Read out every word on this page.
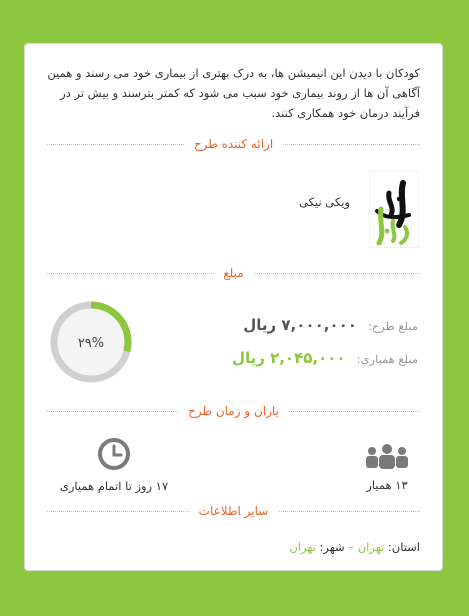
کودکان با دیدن این انیمیشن ها، به درک بهتری از بیماری خود می رسند و همین آگاهی آن ها از روند بیماری خود سبب می شود که کمتر بترسند و بیش تر در فرآیند درمان خود همکاری کنند.
ارائه کننده طرح
ویکی نیکی
مبلغ
۲۹%
مبلغ طرح: ۷,۰۰۰,۰۰۰ ریال
مبلغ همیاری: ۲,۰۴۵,۰۰۰ ریال
یاران و زمان طرح
۱۷ روز تا اتمام همیاری	۱۳ همیار
سایر اطلاعات
استان: تهران – شهر: تهران
